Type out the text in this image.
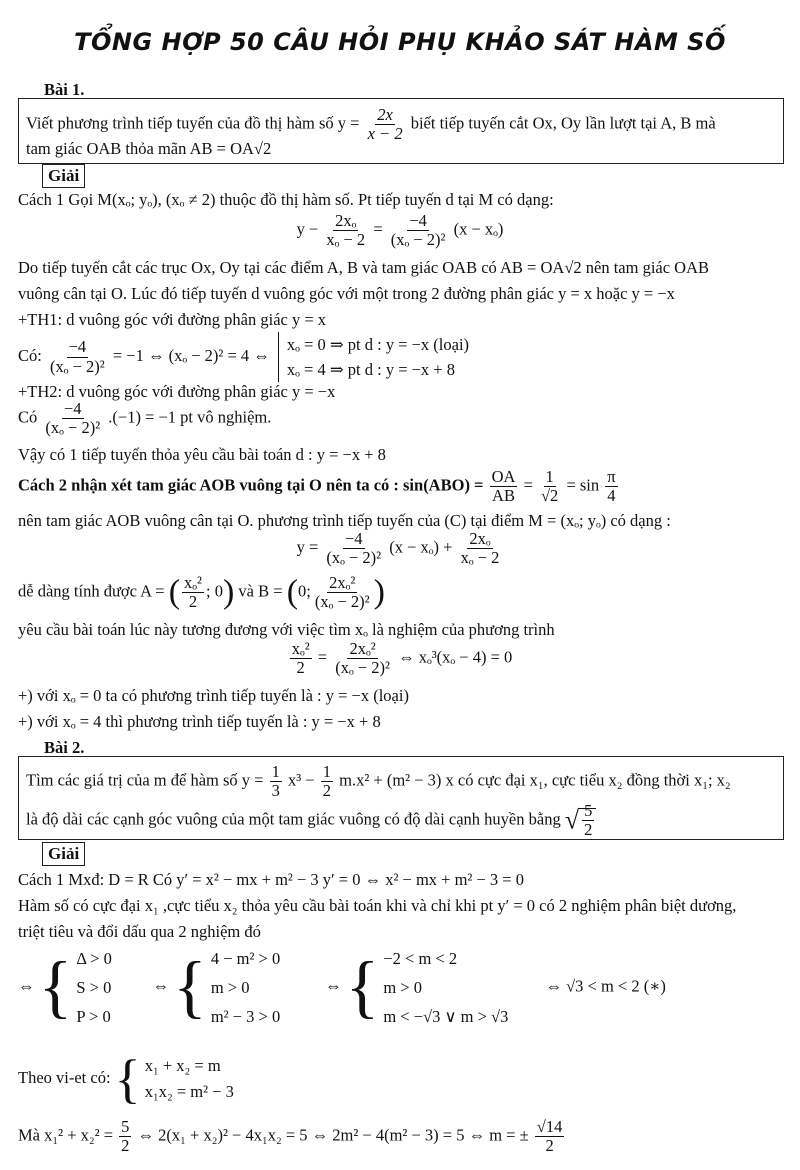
TỔNG HỢP 50 CÂU HỎI PHỤ KHẢO SÁT HÀM SỐ
Bài 1.
Viết phương trình tiếp tuyến của đồ thị hàm số $y = \frac{2x}{x - 2}$ biết tiếp tuyến cắt Ox, Oy lần lượt tại A, B mà
tam giác OAB thỏa mãn AB = OA√2
Giải
Cách 1 Gọi M(xₒ; yₒ), (xₒ ≠ 2) thuộc đồ thị hàm số. Pt tiếp tuyến d tại M có dạng:
$y - \frac{\text{2xₒ}}{\text{xₒ − 2}} = \frac{-4}{\text{(xₒ − 2)²}} (x - x_o)$
Do tiếp tuyến cắt các trục Ox, Oy tại các điểm A, B và tam giác OAB có AB = OA√2 nên tam giác OAB
vuông cân tại O. Lúc đó tiếp tuyến d vuông góc với một trong 2 đường phân giác y = x hoặc y = −x
+TH1: d vuông góc với đường phân giác y = x
Có: $\frac{-4}{\text{(xₒ − 2)²}} = -1$ ⇔ (xₒ − 2)² = 4 ⇔
xₒ = 0 ⇒ pt d : y = −x (loại)
xₒ = 4 ⇒ pt d : y = −x + 8
+TH2: d vuông góc với đường phân giác y = −x
Có $\frac{-4}{\text{(xₒ − 2)²}} .(-1) = -1$ pt vô nghiệm.
Vậy có 1 tiếp tuyến thỏa yêu cầu bài toán d : y = −x + 8
Cách 2 nhận xét tam giác AOB vuông tại O nên ta có : $\sin(ABO) = \frac{OA}{AB} = \frac{1}{√2} = \sin \frac{\pi}{4}$
nên tam giác AOB vuông cân tại O. phương trình tiếp tuyến của (C) tại điểm M = (xₒ; yₒ) có dạng :
$y = \frac{-4}{\text{(xₒ − 2)²}} (x - x_o) + \frac{\text{2xₒ}}{\text{xₒ − 2}}$
dễ dàng tính được A = ( $\frac{\text{xₒ²}}{2}$ ; 0) và B = (0; $\frac{\text{2xₒ²}}{\text{(xₒ − 2)²}}$ )
yêu cầu bài toán lúc này tương đương với việc tìm xₒ là nghiệm của phương trình
$\frac{\text{xₒ²}}{2} = \frac{\text{2xₒ²}}{\text{(xₒ − 2)²}}$ ⇔ xₒ³(xₒ − 4) = 0
+) với xₒ = 0 ta có phương trình tiếp tuyến là : y = −x (loại)
+) với xₒ = 4 thì phương trình tiếp tuyến là : y = −x + 8
Bài 2.
Tìm các giá trị của m để hàm số $y = \frac{1}{3} x^3 - \frac{1}{2} m.x^2 + (m^2 - 3)$ x có cực đại x₁, cực tiểu x₂ đồng thời x₁; x₂
là độ dài các cạnh góc vuông của một tam giác vuông có độ dài cạnh huyền bằng √ $\frac{5}{2}$
Giải
Cách 1 Mxđ: D = R Có y′ = x² − mx + m² − 3 y′ = 0 ⇔ x² − mx + m² − 3 = 0
Hàm số có cực đại x₁ ,cực tiểu x₂ thỏa yêu cầu bài toán khi và chỉ khi pt y′ = 0 có 2 nghiệm phân biệt dương,
triệt tiêu và đổi dấu qua 2 nghiệm đó
⇔ { Δ > 0
S > 0
P > 0
⇔ { 4 − m² > 0
m > 0
m² − 3 > 0
⇔ { −2 < m < 2
m > 0
m < −√3 ∨ m > √3
⇔ √3 < m < 2 (∗)
Theo vi-et có: { x₁ + x₂ = m
x₁x₂ = m² − 3
Mà $x_1^2 + x_2^2 = \frac{5}{2}$ ⇔ 2(x₁ + x₂)² − 4x₁x₂ = 5 ⇔ 2m² − 4(m² − 3) = 5 ⇔ m = ± $\frac{√14}{2}$
